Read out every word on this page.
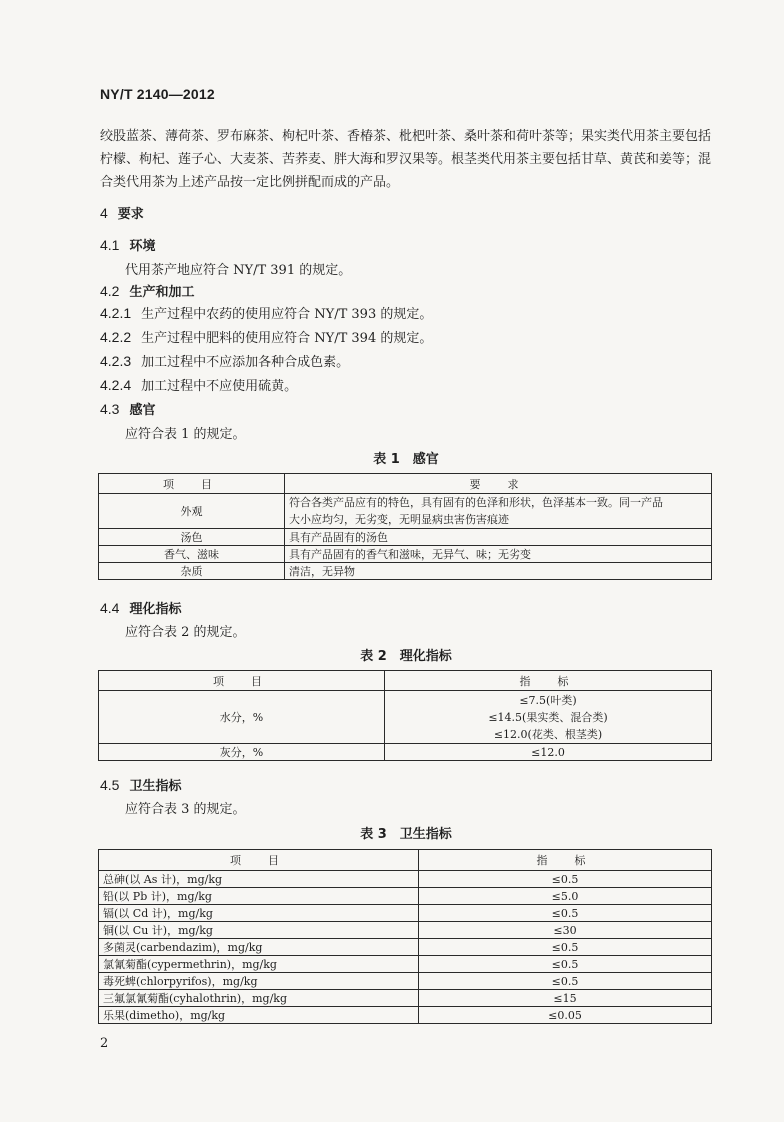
NY/T 2140—2012
绞股蓝茶、薄荷茶、罗布麻茶、枸杞叶茶、香椿茶、枇杷叶茶、桑叶茶和荷叶茶等；果实类代用茶主要包括
柠檬、枸杞、莲子心、大麦茶、苦荞麦、胖大海和罗汉果等。根茎类代用茶主要包括甘草、黄芪和姜等；混
合类代用茶为上述产品按一定比例拼配而成的产品。
4 要求
4.1 环境
代用茶产地应符合 NY/T 391 的规定。
4.2 生产和加工
4.2.1 生产过程中农药的使用应符合 NY/T 393 的规定。
4.2.2 生产过程中肥料的使用应符合 NY/T 394 的规定。
4.2.3 加工过程中不应添加各种合成色素。
4.2.4 加工过程中不应使用硫黄。
4.3 感官
应符合表 1 的规定。
表 1　感官
项　目	要　求
外观	符合各类产品应有的特色，具有固有的色泽和形状，色泽基本一致。同一产品
大小应均匀，无劣变，无明显病虫害伤害痕迹

汤色	具有产品固有的汤色
香气、滋味	具有产品固有的香气和滋味，无异气、味；无劣变
杂质	清洁，无异物
4.4 理化指标
应符合表 2 的规定。
表 2　理化指标
项　目	指　标
水分，%	≤7.5(叶类)
≤14.5(果实类、混合类)
≤12.0(花类、根茎类)

灰分，%	≤12.0
4.5 卫生指标
应符合表 3 的规定。
表 3　卫生指标
项　目	指　标
总砷(以 As 计)，mg/kg	≤0.5
铅(以 Pb 计)，mg/kg	≤5.0
镉(以 Cd 计)，mg/kg	≤0.5
铜(以 Cu 计)，mg/kg	≤30
多菌灵(carbendazim)，mg/kg	≤0.5
氯氰菊酯(cypermethrin)，mg/kg	≤0.5
毒死蜱(chlorpyrifos)，mg/kg	≤0.5
三氟氯氰菊酯(cyhalothrin)，mg/kg	≤15
乐果(dimetho)，mg/kg	≤0.05
2
